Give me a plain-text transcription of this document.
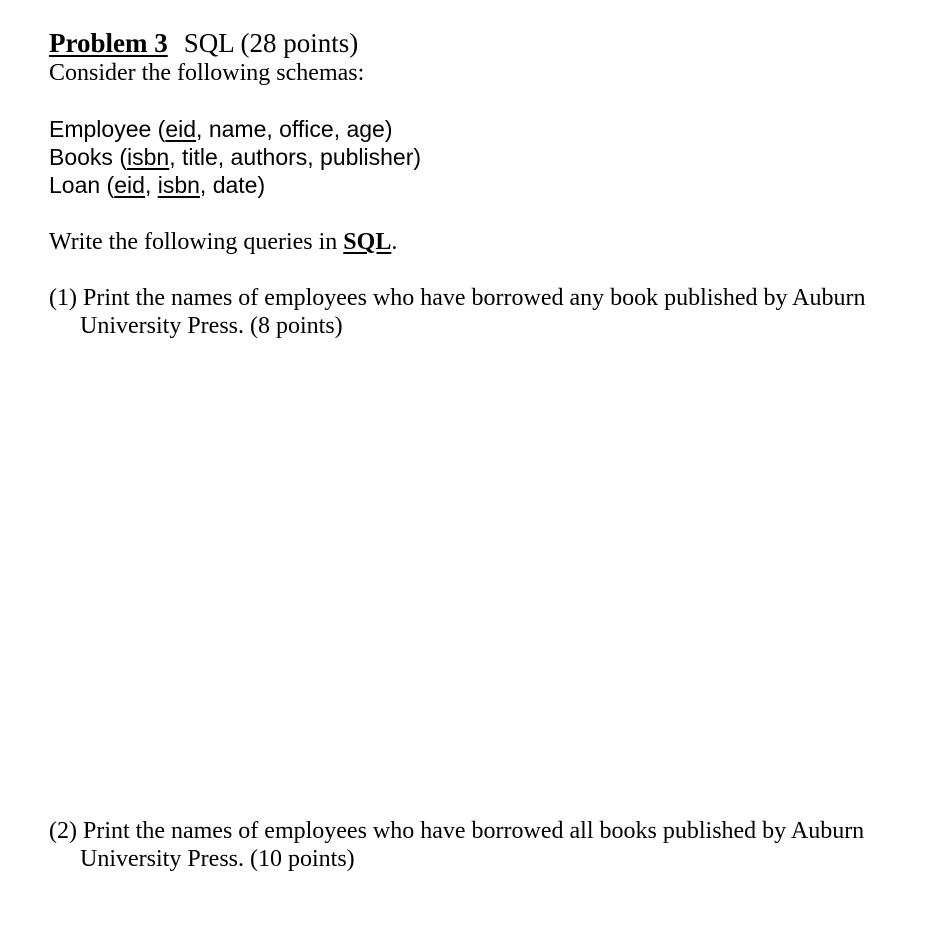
Problem 3 SQL (28 points)
Consider the following schemas:
Employee (eid, name, office, age)
Books (isbn, title, authors, publisher)
Loan (eid, isbn, date)
Write the following queries in SQL.
(1) Print the names of employees who have borrowed any book published by Auburn
University Press. (8 points)
(2) Print the names of employees who have borrowed all books published by Auburn
University Press. (10 points)
